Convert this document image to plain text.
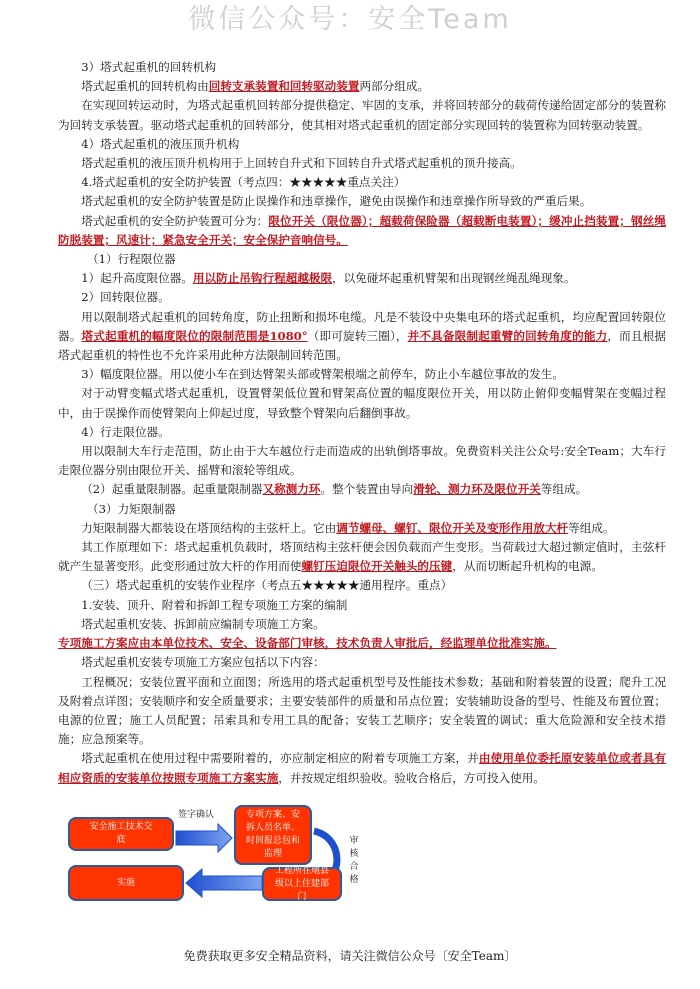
微信公众号：安全Team

3）塔式起重机的回转机构

塔式起重机的回转机构由回转支承装置和回转驱动装置两部分组成。

在实现回转运动时，为塔式起重机回转部分提供稳定、牢固的支承，并将回转部分的载荷传递给固定部分的装置称为回转支承装置。驱动塔式起重机的回转部分，使其相对塔式起重机的固定部分实现回转的装置称为回转驱动装置。

4）塔式起重机的液压顶升机构

塔式起重机的液压顶升机构用于上回转自升式和下回转自升式塔式起重机的顶升接高。

4.塔式起重机的安全防护装置（考点四：★★★★★重点关注）

塔式起重机的安全防护装置是防止误操作和违章操作，避免由误操作和违章操作所导致的严重后果。

塔式起重机的安全防护装置可分为：限位开关（限位器）；超载荷保险器（超载断电装置）；缓冲止挡装置；钢丝绳防脱装置；风速计；紧急安全开关；安全保护音响信号。

（1）行程限位器

1）起升高度限位器。用以防止吊钩行程超越极限，以免碰坏起重机臂架和出现钢丝绳乱绳现象。

2）回转限位器。

用以限制塔式起重机的回转角度，防止扭断和损坏电缆。凡是不装设中央集电环的塔式起重机，均应配置回转限位器。塔式起重机的幅度限位的限制范围是1080°（即可旋转三圈），并不具备限制起重臂的回转角度的能力，而且根据塔式起重机的特性也不允许采用此种方法限制回转范围。

3）幅度限位器。用以使小车在到达臂架头部或臂架根端之前停车，防止小车越位事故的发生。

对于动臂变幅式塔式起重机，设置臂架低位置和臂架高位置的幅度限位开关，用以防止俯仰变幅臂架在变幅过程中，由于误操作而使臂架向上仰起过度，导致整个臂架向后翻倒事故。

4）行走限位器。

用以限制大车行走范围，防止由于大车越位行走而造成的出轨倒塔事故。免费资料关注公众号:安全Team；大车行走限位器分别由限位开关、摇臂和滚轮等组成。

（2）起重量限制器。起重量限制器又称测力环。整个装置由导向滑轮、测力环及限位开关等组成。

（3）力矩限制器

力矩限制器大都装设在塔顶结构的主弦杆上。它由调节螺母、螺钉、限位开关及变形作用放大杆等组成。

其工作原理如下：塔式起重机负载时，塔顶结构主弦杆便会因负载而产生变形。当荷载过大超过额定值时，主弦杆就产生显著变形。此变形通过放大杆的作用而使螺钉压迫限位开关触头的压键，从而切断起升机构的电源。

（三）塔式起重机的安装作业程序（考点五★★★★★通用程序。重点）

1.安装、顶升、附着和拆卸工程专项施工方案的编制

塔式起重机安装、拆卸前应编制专项施工方案。

专项施工方案应由本单位技术、安全、设备部门审核，技术负责人审批后，经监理单位批准实施。

塔式起重机安装专项施工方案应包括以下内容：

工程概况；安装位置平面和立面图；所选用的塔式起重机型号及性能技术参数；基础和附着装置的设置；爬升工况及附着点详图；安装顺序和安全质量要求；主要安装部件的质量和吊点位置；安装辅助设备的型号、性能及布置位置；电源的位置；施工人员配置；吊索具和专用工具的配备；安装工艺顺序；安全装置的调试；重大危险源和安全技术措施；应急预案等。

塔式起重机在使用过程中需要附着的，亦应制定相应的附着专项施工方案，并由使用单位委托原安装单位或者具有相应资质的安装单位按照专项施工方案实施，并按规定组织验收。验收合格后，方可投入使用。

安全施工技术交底
专项方案、安拆人员名单、时间报总包和监理
实施
工程所在地县级以上住建部门
签字确认
审核合格
免费获取更多安全精品资料，请关注微信公众号〔安全Team〕
